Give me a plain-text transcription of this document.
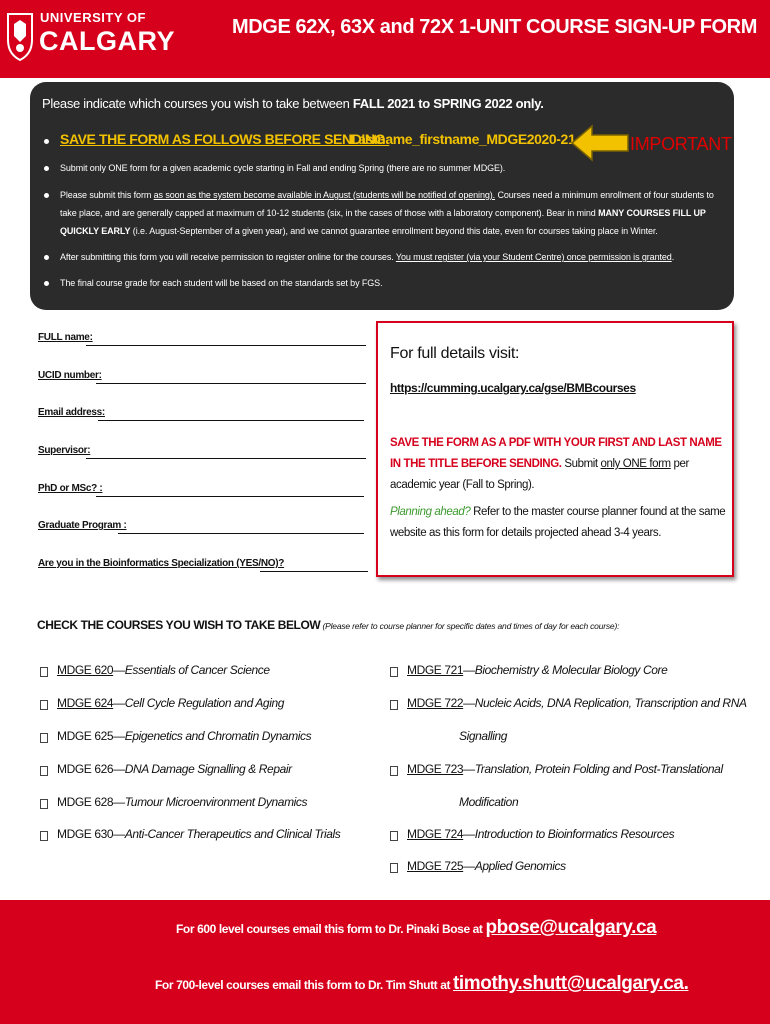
UNIVERSITY OF
CALGARY	MDGE 62X, 63X and 72X 1-UNIT COURSE SIGN-UP FORM
Please indicate which courses you wish to take between FALL 2021 to SPRING 2022 only.
SAVE THE FORM AS FOLLOWS BEFORE SENDING:
Lastname_firstname_MDGE2020-21	IMPORTANT
Submit only ONE form for a given academic cycle starting in Fall and ending Spring (there are no summer MDGE).
Please submit this form as soon as the system become available in August (students will be notified of opening). Courses need a minimum enrollment of four students to take place, and are generally capped at maximum of 10-12 students (six, in the cases of those with a laboratory component). Bear in mind MANY COURSES FILL UP QUICKLY EARLY (i.e. August-September of a given year), and we cannot guarantee enrollment beyond this date, even for courses taking place in Winter.
After submitting this form you will receive permission to register online for the courses. You must register (via your Student Centre) once permission is granted.
The final course grade for each student will be based on the standards set by FGS.
FULL name:
UCID number:
Email address:
Supervisor:
PhD or MSc? :
Graduate Program :
Are you in the Bioinformatics Specialization (YES/NO)?
For full details visit:
https://cumming.ucalgary.ca/gse/BMBcourses
SAVE THE FORM AS A PDF WITH YOUR FIRST AND LAST NAME IN THE TITLE BEFORE SENDING. Submit only ONE form per academic year (Fall to Spring).
Planning ahead? Refer to the master course planner found at the same website as this form for details projected ahead 3-4 years.
CHECK THE COURSES YOU WISH TO TAKE BELOW (Please refer to course planner for specific dates and times of day for each course):
MDGE 620—Essentials of Cancer Science
MDGE 624—Cell Cycle Regulation and Aging
MDGE 625—Epigenetics and Chromatin Dynamics
MDGE 626—DNA Damage Signalling & Repair
MDGE 628—Tumour Microenvironment Dynamics
MDGE 630—Anti-Cancer Therapeutics and Clinical Trials
MDGE 721—Biochemistry & Molecular Biology Core
MDGE 722—Nucleic Acids, DNA Replication, Transcription and RNA
Signalling
MDGE 723—Translation, Protein Folding and Post-Translational
Modification
MDGE 724—Introduction to Bioinformatics Resources
MDGE 725—Applied Genomics
For 600 level courses email this form to Dr. Pinaki Bose at pbose@ucalgary.ca
For 700-level courses email this form to Dr. Tim Shutt at timothy.shutt@ucalgary.ca.
